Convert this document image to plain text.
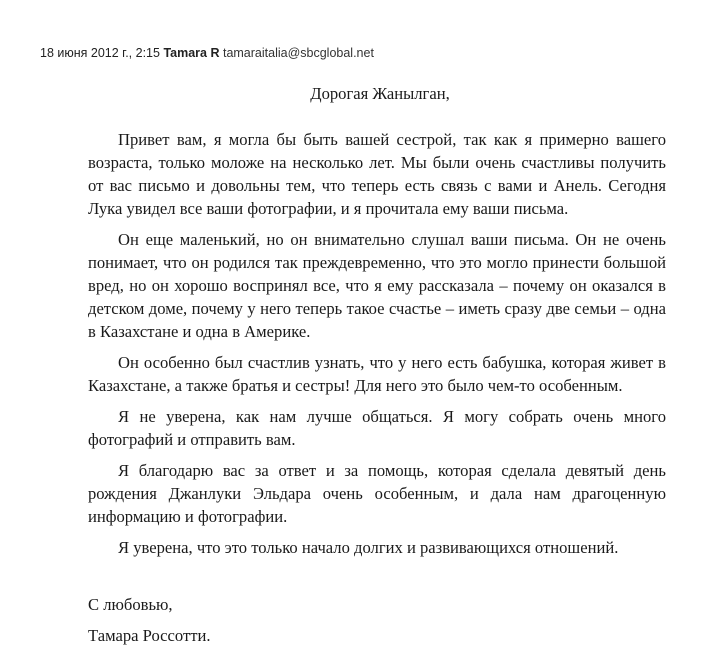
18 июня 2012 г., 2:15 Tamara R tamaraitalia@sbcglobal.net

Дорогая Жанылган,

Привет вам, я могла бы быть вашей сестрой, так как я примерно вашего возраста, только моложе на несколько лет. Мы были очень счастливы получить от вас письмо и довольны тем, что теперь есть связь с вами и Анель. Сегодня Лука увидел все ваши фотографии, и я прочитала ему ваши письма.

Он еще маленький, но он внимательно слушал ваши письма. Он не очень понимает, что он родился так преждевременно, что это могло принести большой вред, но он хорошо воспринял все, что я ему рассказала – почему он оказался в детском доме, почему у него теперь такое счастье – иметь сразу две семьи – одна в Казахстане и одна в Америке.

Он особенно был счастлив узнать, что у него есть бабушка, которая живет в Казахстане, а также братья и сестры! Для него это было чем-то особенным.

Я не уверена, как нам лучше общаться. Я могу собрать очень много фотографий и отправить вам.

Я благодарю вас за ответ и за помощь, которая сделала девятый день рождения Джанлуки Эльдара очень особенным, и дала нам драгоценную информацию и фотографии.

Я уверена, что это только начало долгих и развивающихся отношений.

С любовью,

Тамара Россотти.
